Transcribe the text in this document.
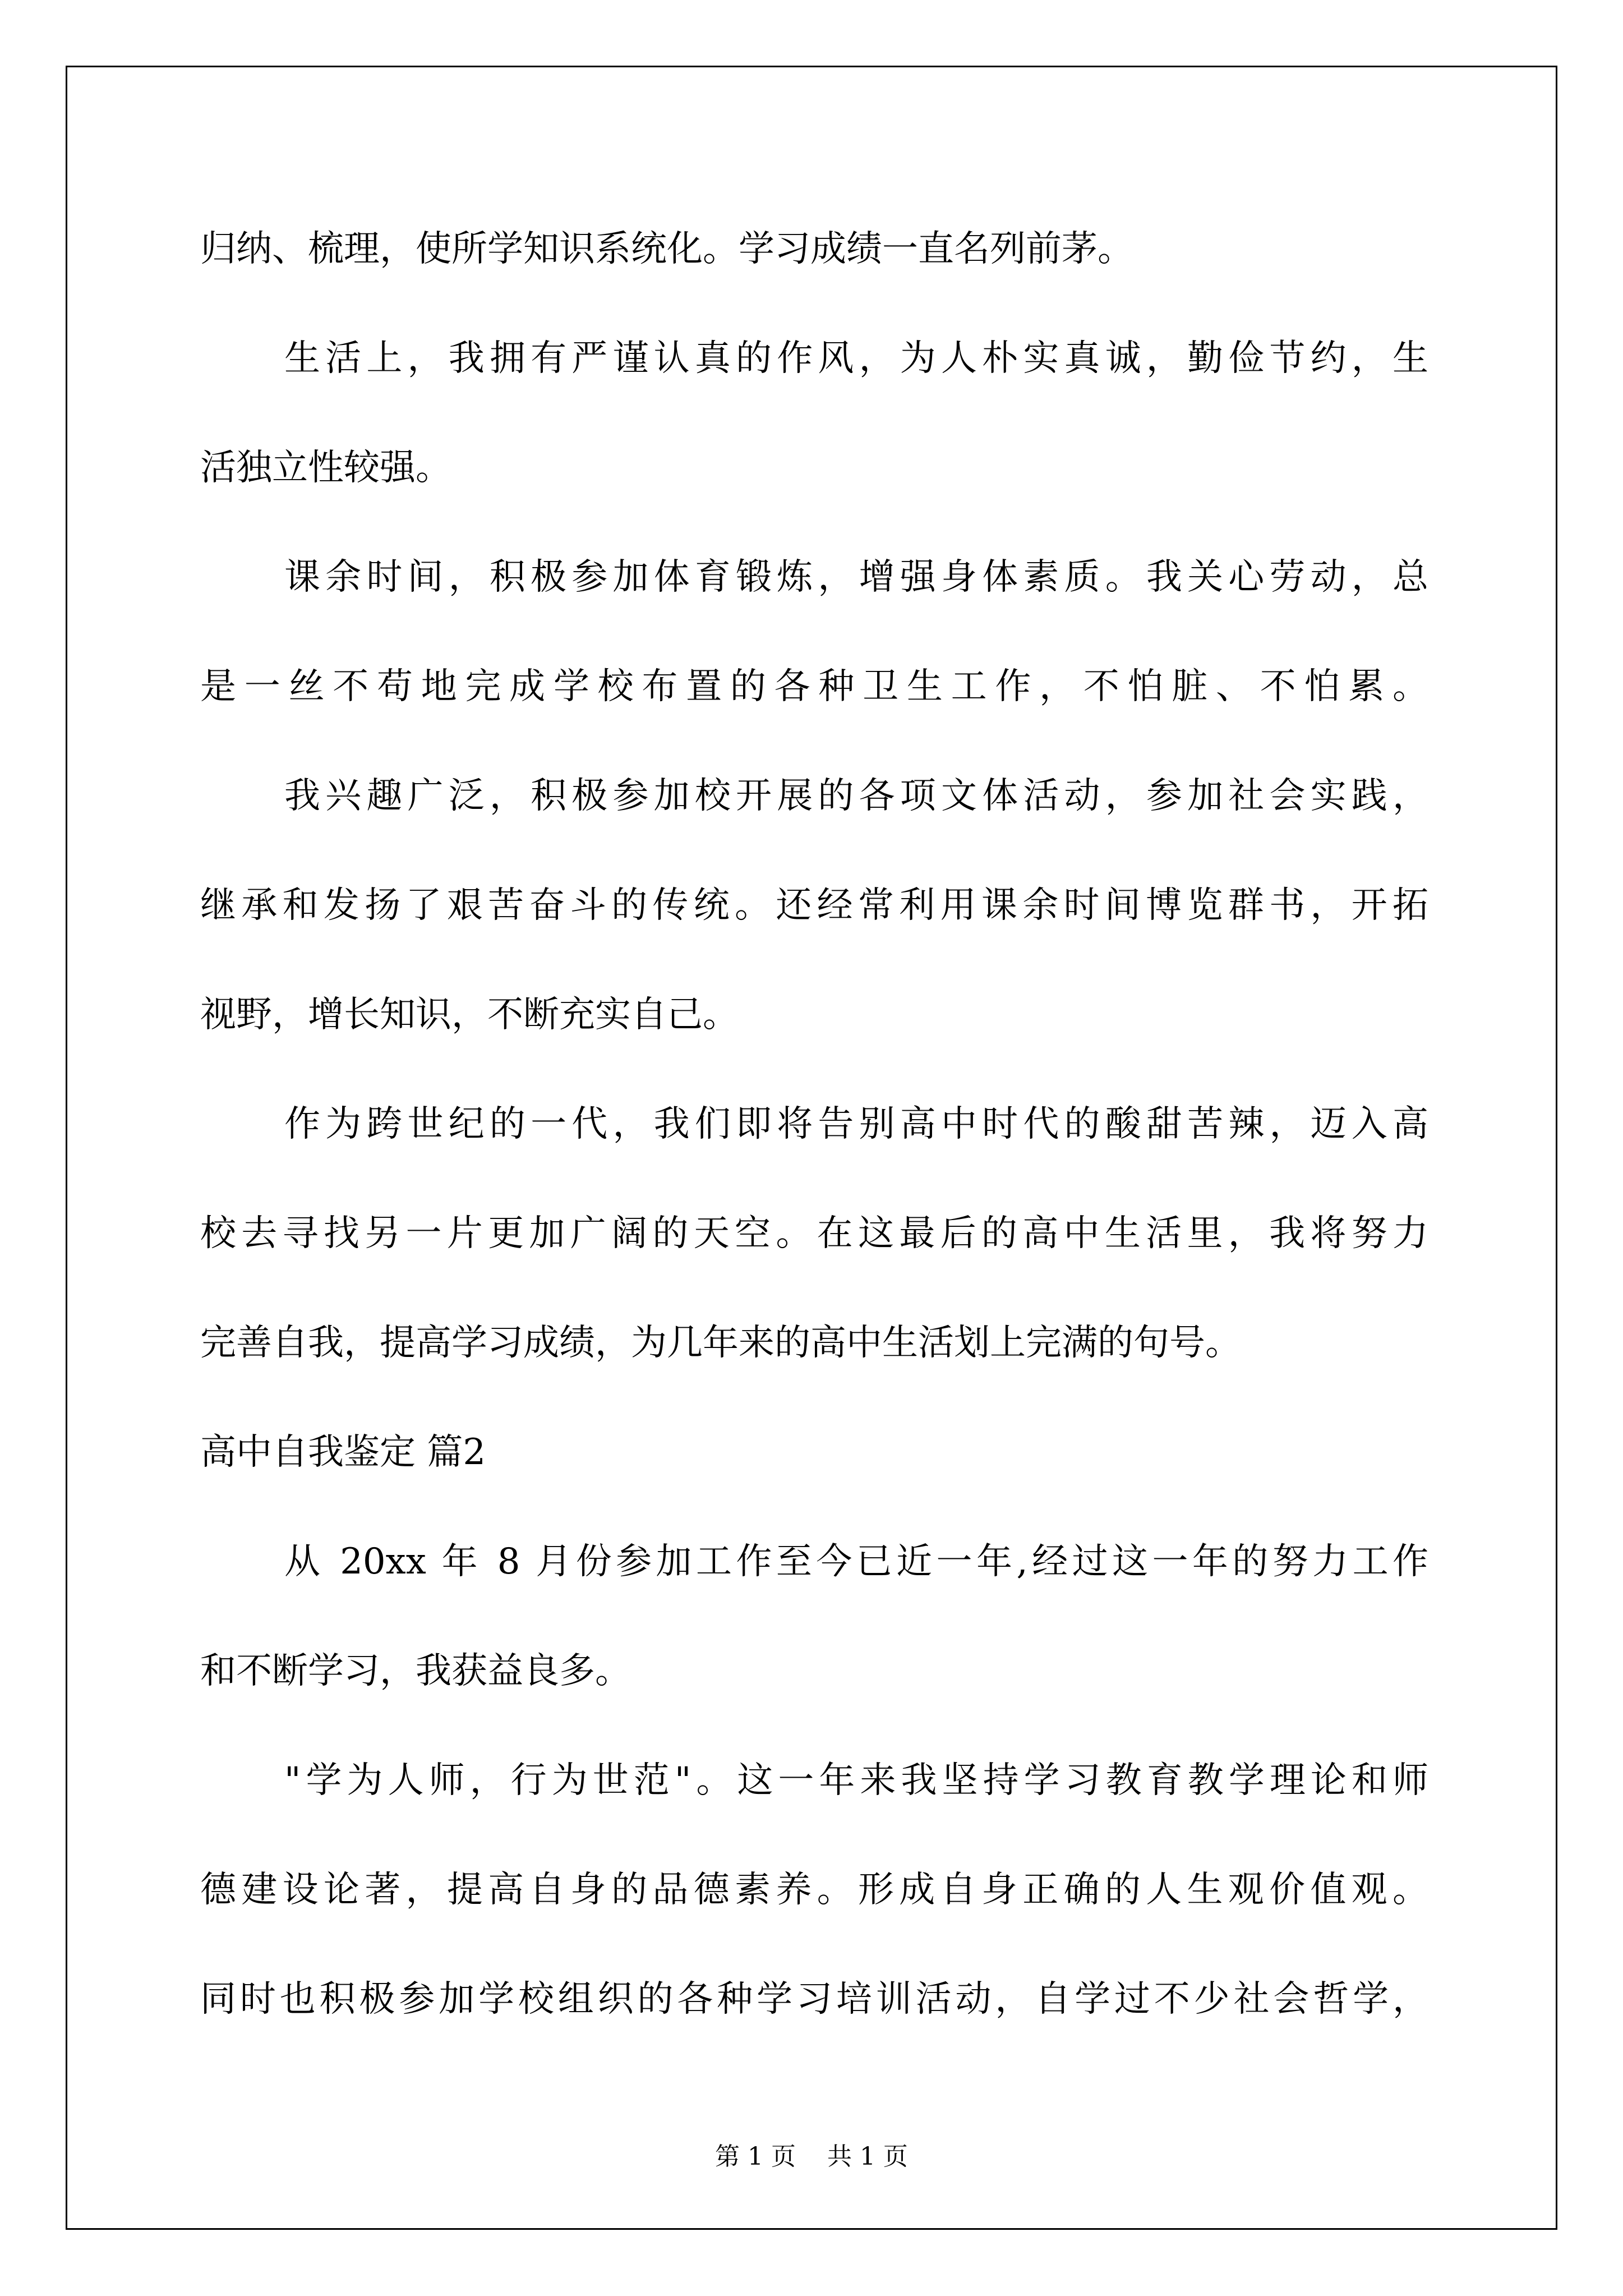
归纳、梳理，使所学知识系统化。学习成绩一直名列前茅。

生活上，我拥有严谨认真的作风，为人朴实真诚，勤俭节约，生

活独立性较强。

课余时间，积极参加体育锻炼，增强身体素质。我关心劳动，总

是一丝不苟地完成学校布置的各种卫生工作，不怕脏、不怕累。

我兴趣广泛，积极参加校开展的各项文体活动，参加社会实践，

继承和发扬了艰苦奋斗的传统。还经常利用课余时间博览群书，开拓

视野，增长知识，不断充实自己。

作为跨世纪的一代，我们即将告别高中时代的酸甜苦辣，迈入高

校去寻找另一片更加广阔的天空。在这最后的高中生活里，我将努力

完善自我，提高学习成绩，为几年来的高中生活划上完满的句号。

高中自我鉴定 篇2

从 20xx 年 8 月份参加工作至今已近一年,经过这一年的努力工作

和不断学习，我获益良多。

"学为人师，行为世范"。这一年来我坚持学习教育教学理论和师

德建设论著，提高自身的品德素养。形成自身正确的人生观价值观。

同时也积极参加学校组织的各种学习培训活动，自学过不少社会哲学，

第 1 页    共 1 页
